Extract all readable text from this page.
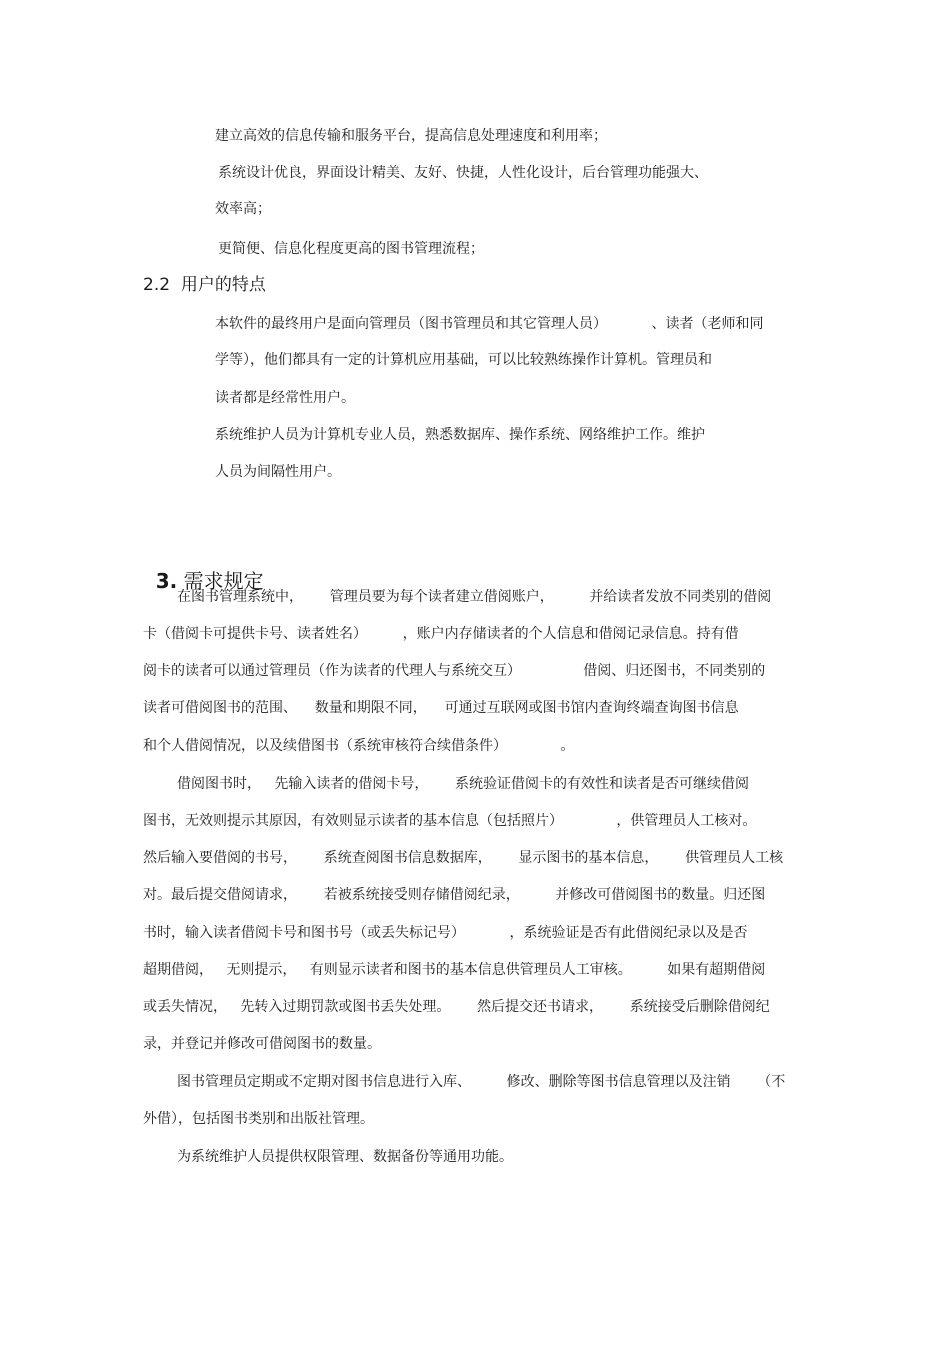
建立高效的信息传输和服务平台，提高信息处理速度和利用率；
系统设计优良，界面设计精美、友好、快捷，人性化设计，后台管理功能强大、
效率高；
更简便、信息化程度更高的图书管理流程；
2.2  用户的特点
本软件的最终用户是面向管理员（图书管理员和其它管理人员）          、读者（老师和同
学等），他们都具有一定的计算机应用基础，可以比较熟练操作计算机。管理员和
读者都是经常性用户。
系统维护人员为计算机专业人员，熟悉数据库、操作系统、网络维护工作。维护
人员为间隔性用户。

3. 需求规定

在图书管理系统中，      管理员要为每个读者建立借阅账户，        并给读者发放不同类别的借阅
卡（借阅卡可提供卡号、读者姓名）        ，账户内存储读者的个人信息和借阅记录信息。持有借
阅卡的读者可以通过管理员（作为读者的代理人与系统交互）              借阅、归还图书，不同类别的
读者可借阅图书的范围、    数量和期限不同，    可通过互联网或图书馆内查询终端查询图书信息
和个人借阅情况，以及续借图书（系统审核符合续借条件）            。
借阅图书时，   先输入读者的借阅卡号，      系统验证借阅卡的有效性和读者是否可继续借阅
图书，无效则提示其原因，有效则显示读者的基本信息（包括照片）            ，供管理员人工核对。
然后输入要借阅的书号，      系统查阅图书信息数据库，      显示图书的基本信息，      供管理员人工核
对。最后提交借阅请求，      若被系统接受则存储借阅纪录，        并修改可借阅图书的数量。归还图
书时，输入读者借阅卡号和图书号（或丢失标记号）          ，系统验证是否有此借阅纪录以及是否
超期借阅，   无则提示，   有则显示读者和图书的基本信息供管理员人工审核。        如果有超期借阅
或丢失情况，   先转入过期罚款或图书丢失处理。      然后提交还书请求，      系统接受后删除借阅纪
录，并登记并修改可借阅图书的数量。
图书管理员定期或不定期对图书信息进行入库、        修改、删除等图书信息管理以及注销      （不
外借），包括图书类别和出版社管理。
为系统维护人员提供权限管理、数据备份等通用功能。
